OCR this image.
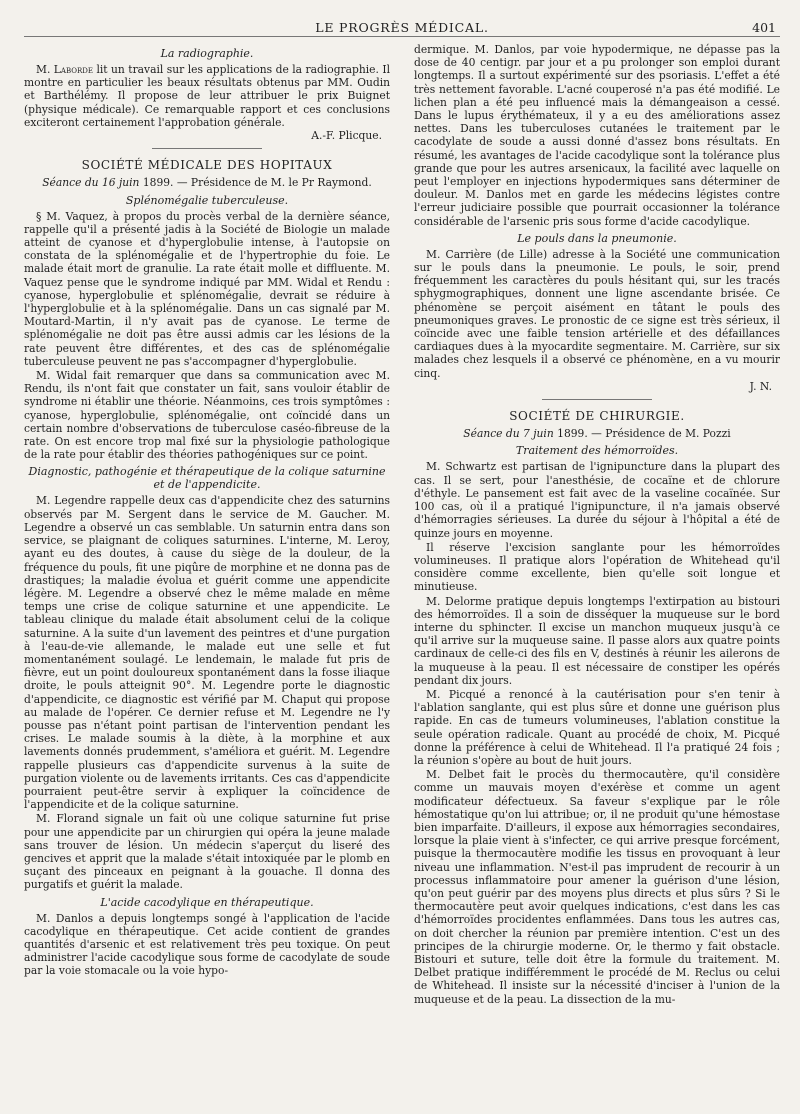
LE PROGRÈS MÉDICAL.	401
La radiographie.

M. Laborde lit un travail sur les applications de la radiographie. Il montre en particulier les beaux résultats obtenus par MM. Oudin et Barthélémy. Il propose de leur attribuer le prix Buignet (physique médicale). Ce remarquable rapport et ces conclusions exciteront certainement l'approbation générale.

A.-F. Plicque.
SOCIÉTÉ MÉDICALE DES HOPITAUX
Séance du 16 juin 1899. — Présidence de M. le Pr Raymond.
Splénomégalie tuberculeuse.

§ M. Vaquez, à propos du procès verbal de la dernière séance, rappelle qu'il a présenté jadis à la Société de Biologie un malade atteint de cyanose et d'hyperglobulie intense, à l'autopsie on constata de la splénomégalie et de l'hypertrophie du foie. Le malade était mort de granulie. La rate était molle et diffluente. M. Vaquez pense que le syndrome indiqué par MM. Widal et Rendu : cyanose, hyperglobulie et splénomégalie, devrait se réduire à l'hyperglobulie et à la splénomégalie. Dans un cas signalé par M. Moutard-Martin, il n'y avait pas de cyanose. Le terme de splénomégalie ne doit pas être aussi admis car les lésions de la rate peuvent être différentes, et des cas de splénomégalie tuberculeuse peuvent ne pas s'accompagner d'hyperglobulie.

M. Widal fait remarquer que dans sa communication avec M. Rendu, ils n'ont fait que constater un fait, sans vouloir établir de syndrome ni établir une théorie. Néanmoins, ces trois symptômes : cyanose, hyperglobulie, splénomégalie, ont coïncidé dans un certain nombre d'observations de tuberculose caséo-fibreuse de la rate. On est encore trop mal fixé sur la physiologie pathologique de la rate pour établir des théories pathogéniques sur ce point.

Diagnostic, pathogénie et thérapeutique de la colique saturnine et de l'appendicite.

M. Legendre rappelle deux cas d'appendicite chez des saturnins observés par M. Sergent dans le service de M. Gaucher. M. Legendre a observé un cas semblable. Un saturnin entra dans son service, se plaignant de coliques saturnines. L'interne, M. Leroy, ayant eu des doutes, à cause du siège de la douleur, de la fréquence du pouls, fit une piqûre de morphine et ne donna pas de drastiques; la maladie évolua et guérit comme une appendicite légère. M. Legendre a observé chez le même malade en même temps une crise de colique saturnine et une appendicite. Le tableau clinique du malade était absolument celui de la colique saturnine. A la suite d'un lavement des peintres et d'une purgation à l'eau-de-vie allemande, le malade eut une selle et fut momentanément soulagé. Le lendemain, le malade fut pris de fièvre, eut un point douloureux spontanément dans la fosse iliaque droite, le pouls atteignit 90°. M. Legendre porte le diagnostic d'appendicite, ce diagnostic est vérifié par M. Chaput qui propose au malade de l'opérer. Ce dernier refuse et M. Legendre ne l'y pousse pas n'étant point partisan de l'intervention pendant les crises. Le malade soumis à la diète, à la morphine et aux lavements donnés prudemment, s'améliora et guérit. M. Legendre rappelle plusieurs cas d'appendicite survenus à la suite de purgation violente ou de lavements irritants. Ces cas d'appendicite pourraient peut-être servir à expliquer la coïncidence de l'appendicite et de la colique saturnine.

M. Florand signale un fait où une colique saturnine fut prise pour une appendicite par un chirurgien qui opéra la jeune malade sans trouver de lésion. Un médecin s'aperçut du liseré des gencives et apprit que la malade s'était intoxiquée par le plomb en suçant des pinceaux en peignant à la gouache. Il donna des purgatifs et guérit la malade.

L'acide cacodylique en thérapeutique.

M. Danlos a depuis longtemps songé à l'application de l'acide cacodylique en thérapeutique. Cet acide contient de grandes quantités d'arsenic et est relativement très peu toxique. On peut administrer l'acide cacodylique sous forme de cacodylate de soude par la voie stomacale ou la voie hypo-

dermique. M. Danlos, par voie hypodermique, ne dépasse pas la dose de 40 centigr. par jour et a pu prolonger son emploi durant longtemps. Il a surtout expérimenté sur des psoriasis. L'effet a été très nettement favorable. L'acné couperosé n'a pas été modifié. Le lichen plan a été peu influencé mais la démangeaison a cessé. Dans le lupus érythémateux, il y a eu des améliorations assez nettes. Dans les tuberculoses cutanées le traitement par le cacodylate de soude a aussi donné d'assez bons résultats. En résumé, les avantages de l'acide cacodylique sont la tolérance plus grande que pour les autres arsenicaux, la facilité avec laquelle on peut l'employer en injections hypodermiques sans déterminer de douleur. M. Danlos met en garde les médecins légistes contre l'erreur judiciaire possible que pourrait occasionner la tolérance considérable de l'arsenic pris sous forme d'acide cacodylique.

Le pouls dans la pneumonie.

M. Carrière (de Lille) adresse à la Société une communication sur le pouls dans la pneumonie. Le pouls, le soir, prend fréquemment les caractères du pouls hésitant qui, sur les tracés sphygmographiques, donnent une ligne ascendante brisée. Ce phénomène se perçoit aisément en tâtant le pouls des pneumoniques graves. Le pronostic de ce signe est très sérieux, il coïncide avec une faible tension artérielle et des défaillances cardiaques dues à la myocardite segmentaire. M. Carrière, sur six malades chez lesquels il a observé ce phénomène, en a vu mourir cinq.

J. N.
SOCIÉTÉ DE CHIRURGIE.
Séance du 7 juin 1899. — Présidence de M. Pozzi
Traitement des hémorroïdes.

M. Schwartz est partisan de l'ignipuncture dans la plupart des cas. Il se sert, pour l'anesthésie, de cocaïne et de chlorure d'éthyle. Le pansement est fait avec de la vaseline cocaïnée. Sur 100 cas, où il a pratiqué l'ignipuncture, il n'a jamais observé d'hémorragies sérieuses. La durée du séjour à l'hôpital a été de quinze jours en moyenne.

Il réserve l'excision sanglante pour les hémorroïdes volumineuses. Il pratique alors l'opération de Whitehead qu'il considère comme excellente, bien qu'elle soit longue et minutieuse.

M. Delorme pratique depuis longtemps l'extirpation au bistouri des hémorroïdes. Il a soin de disséquer la muqueuse sur le bord interne du sphincter. Il excise un manchon muqueux jusqu'à ce qu'il arrive sur la muqueuse saine. Il passe alors aux quatre points cardinaux de celle-ci des fils en V, destinés à réunir les ailerons de la muqueuse à la peau. Il est nécessaire de constiper les opérés pendant dix jours.

M. Picqué a renoncé à la cautérisation pour s'en tenir à l'ablation sanglante, qui est plus sûre et donne une guérison plus rapide. En cas de tumeurs volumineuses, l'ablation constitue la seule opération radicale. Quant au procédé de choix, M. Picqué donne la préférence à celui de Whitehead. Il l'a pratiqué 24 fois ; la réunion s'opère au bout de huit jours.

M. Delbet fait le procès du thermocautère, qu'il considère comme un mauvais moyen d'exérèse et comme un agent modificateur défectueux. Sa faveur s'explique par le rôle hémostatique qu'on lui attribue; or, il ne produit qu'une hémostase bien imparfaite. D'ailleurs, il expose aux hémorragies secondaires, lorsque la plaie vient à s'infecter, ce qui arrive presque forcément, puisque la thermocautère modifie les tissus en provoquant à leur niveau une inflammation. N'est-il pas imprudent de recourir à un processus inflammatoire pour amener la guérison d'une lésion, qu'on peut guérir par des moyens plus directs et plus sûrs ? Si le thermocautère peut avoir quelques indications, c'est dans les cas d'hémorroïdes procidentes enflammées. Dans tous les autres cas, on doit chercher la réunion par première intention. C'est un des principes de la chirurgie moderne. Or, le thermo y fait obstacle. Bistouri et suture, telle doit être la formule du traitement. M. Delbet pratique indifféremment le procédé de M. Reclus ou celui de Whitehead. Il insiste sur la nécessité d'inciser à l'union de la muqueuse et de la peau. La dissection de la mu-
